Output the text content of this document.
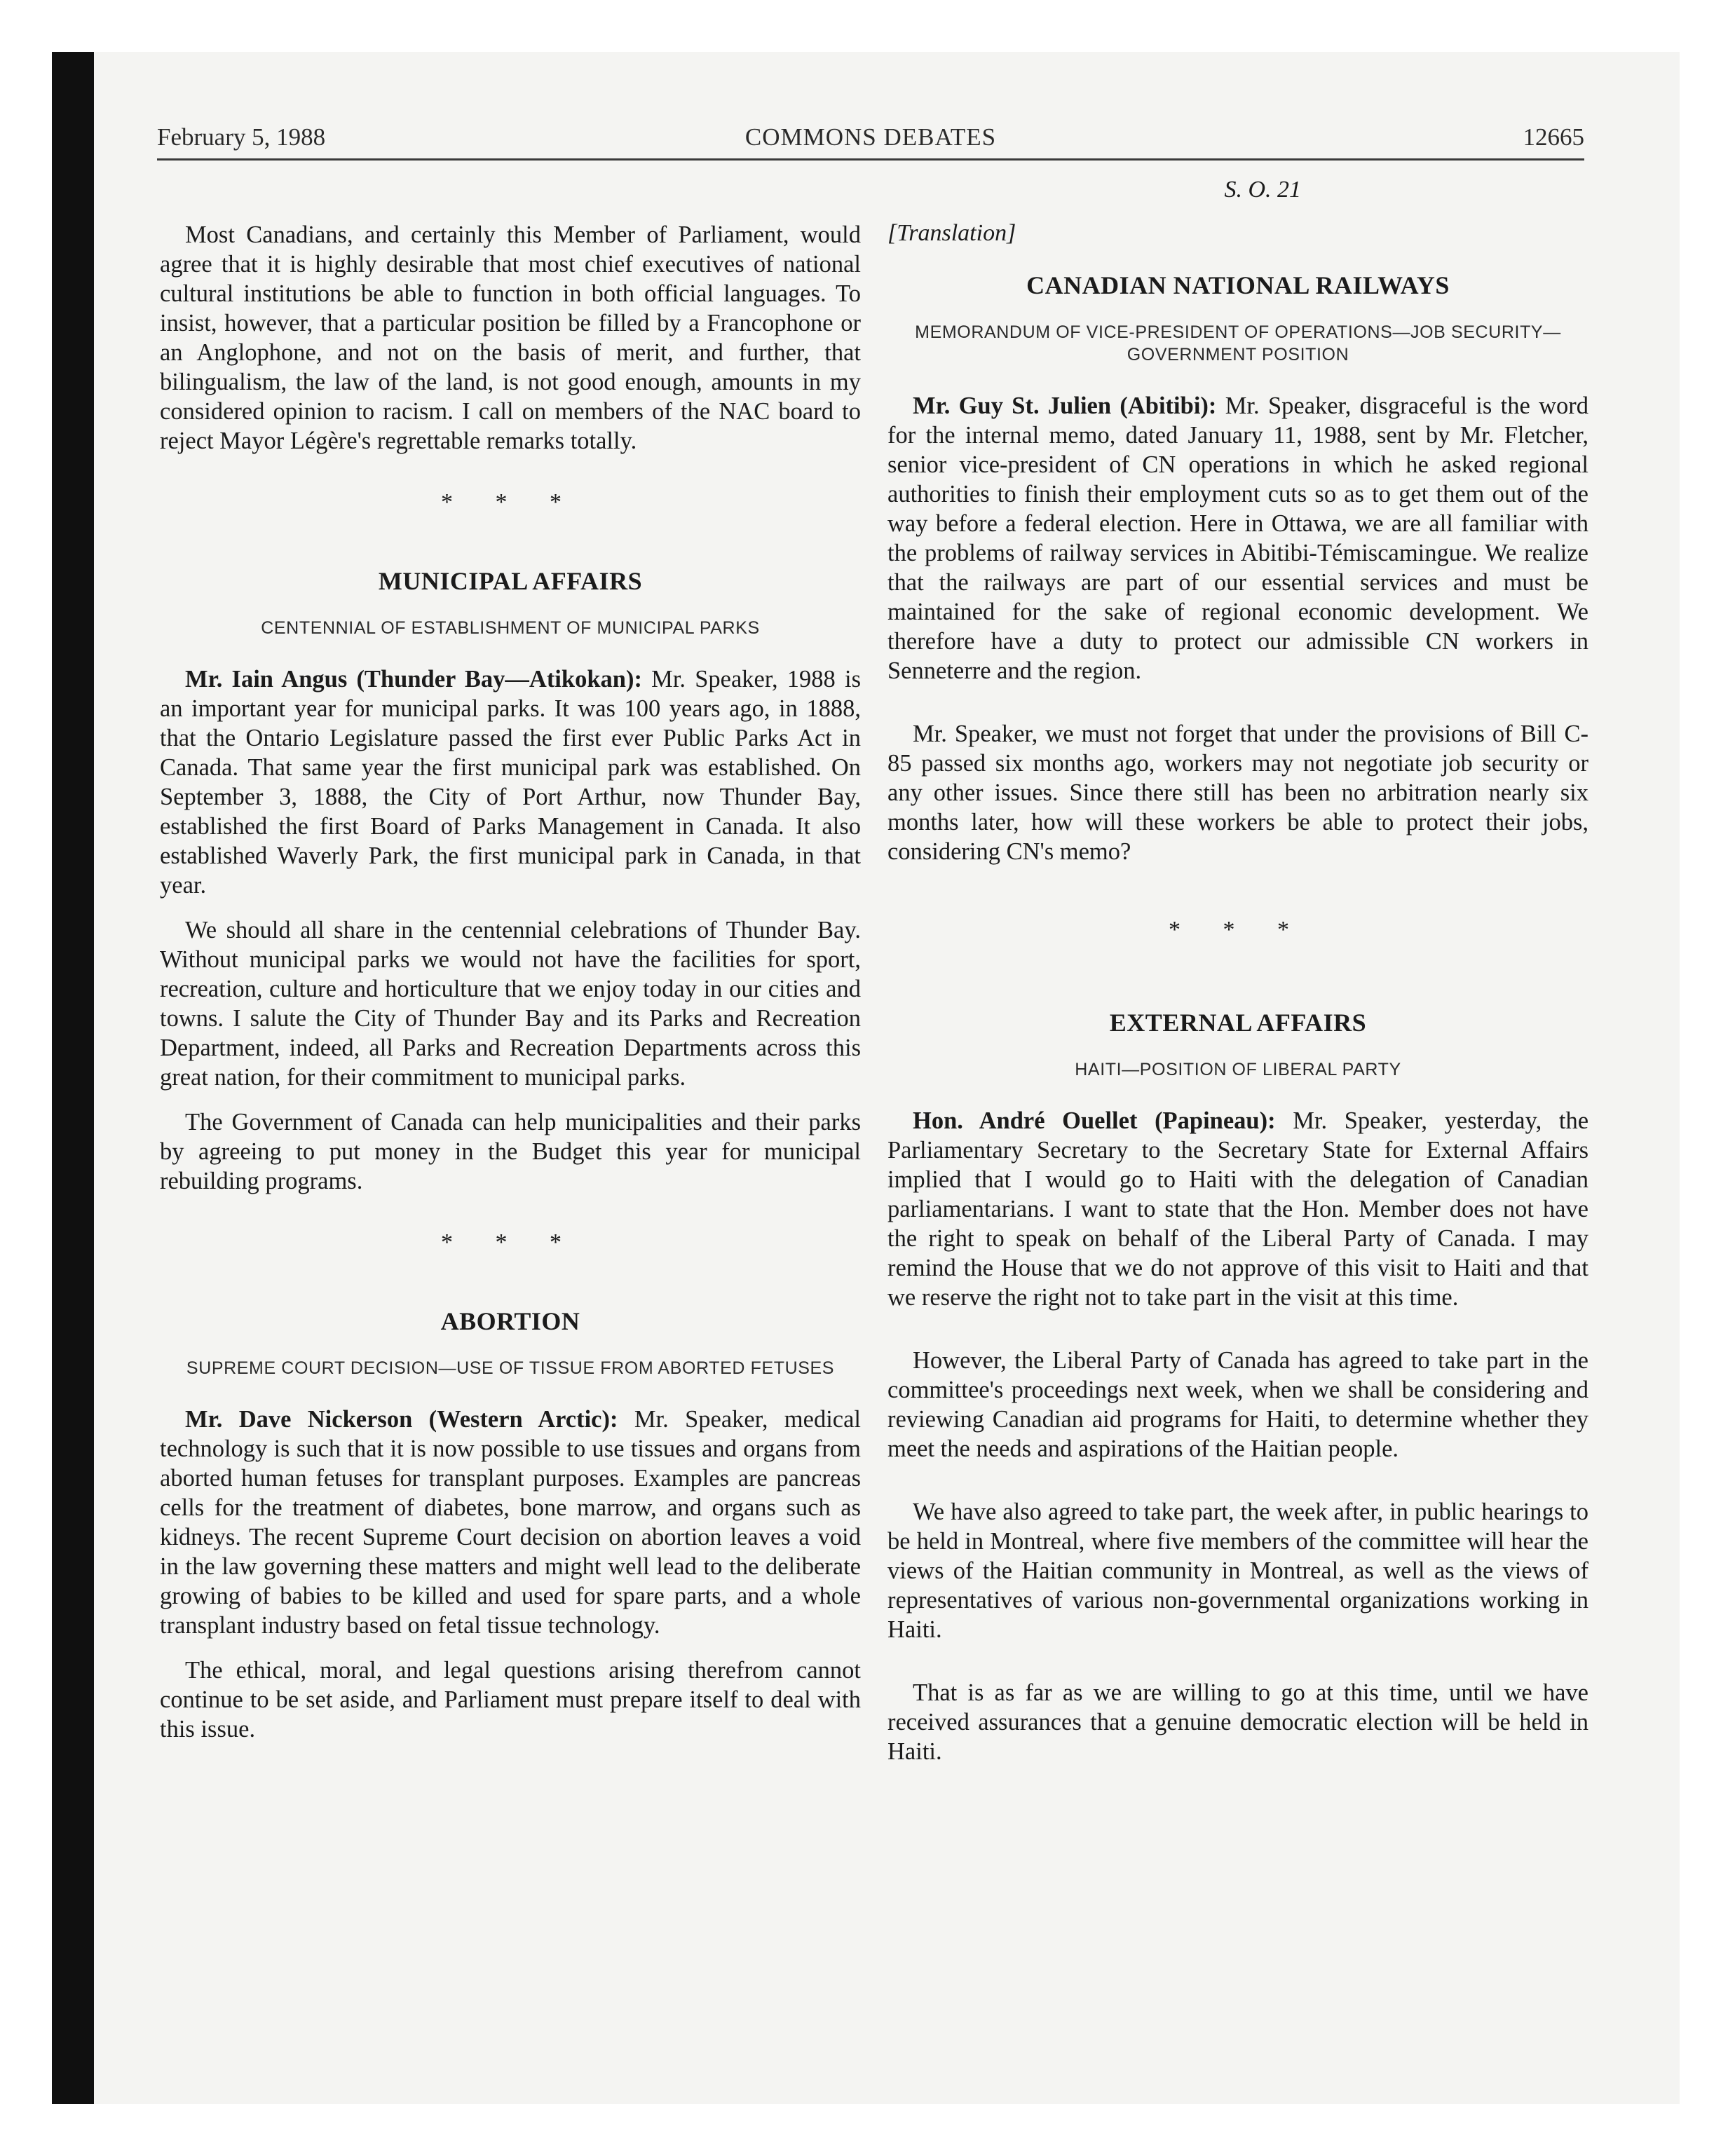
February 5, 1988	COMMONS DEBATES	12665

Most Canadians, and certainly this Member of Parliament, would agree that it is highly desirable that most chief executives of national cultural institutions be able to function in both official languages. To insist, however, that a particular position be filled by a Francophone or an Anglophone, and not on the basis of merit, and further, that bilingualism, the law of the land, is not good enough, amounts in my considered opinion to racism. I call on members of the NAC board to reject Mayor Légère's regrettable remarks totally.

* * *
MUNICIPAL AFFAIRS
CENTENNIAL OF ESTABLISHMENT OF MUNICIPAL PARKS

Mr. Iain Angus (Thunder Bay—Atikokan): Mr. Speaker, 1988 is an important year for municipal parks. It was 100 years ago, in 1888, that the Ontario Legislature passed the first ever Public Parks Act in Canada. That same year the first municipal park was established. On September 3, 1888, the City of Port Arthur, now Thunder Bay, established the first Board of Parks Management in Canada. It also established Waverly Park, the first municipal park in Canada, in that year.

We should all share in the centennial celebrations of Thunder Bay. Without municipal parks we would not have the facilities for sport, recreation, culture and horticulture that we enjoy today in our cities and towns. I salute the City of Thunder Bay and its Parks and Recreation Department, indeed, all Parks and Recreation Departments across this great nation, for their commitment to municipal parks.

The Government of Canada can help municipalities and their parks by agreeing to put money in the Budget this year for municipal rebuilding programs.

* * *
ABORTION
SUPREME COURT DECISION—USE OF TISSUE FROM ABORTED FETUSES

Mr. Dave Nickerson (Western Arctic): Mr. Speaker, medical technology is such that it is now possible to use tissues and organs from aborted human fetuses for transplant purposes. Examples are pancreas cells for the treatment of diabetes, bone marrow, and organs such as kidneys. The recent Supreme Court decision on abortion leaves a void in the law governing these matters and might well lead to the deliberate growing of babies to be killed and used for spare parts, and a whole transplant industry based on fetal tissue technology.

The ethical, moral, and legal questions arising therefrom cannot continue to be set aside, and Parliament must prepare itself to deal with this issue.

S. O. 21

[Translation]

CANADIAN NATIONAL RAILWAYS
MEMORANDUM OF VICE-PRESIDENT OF OPERATIONS—JOB SECURITY—GOVERNMENT POSITION

Mr. Guy St. Julien (Abitibi): Mr. Speaker, disgraceful is the word for the internal memo, dated January 11, 1988, sent by Mr. Fletcher, senior vice-president of CN operations in which he asked regional authorities to finish their employment cuts so as to get them out of the way before a federal election. Here in Ottawa, we are all familiar with the problems of railway services in Abitibi-Témiscamingue. We realize that the railways are part of our essential services and must be maintained for the sake of regional economic development. We therefore have a duty to protect our admissible CN workers in Senneterre and the region.

Mr. Speaker, we must not forget that under the provisions of Bill C-85 passed six months ago, workers may not negotiate job security or any other issues. Since there still has been no arbitration nearly six months later, how will these workers be able to protect their jobs, considering CN's memo?

* * *
EXTERNAL AFFAIRS
HAITI—POSITION OF LIBERAL PARTY

Hon. André Ouellet (Papineau): Mr. Speaker, yesterday, the Parliamentary Secretary to the Secretary State for External Affairs implied that I would go to Haiti with the delegation of Canadian parliamentarians. I want to state that the Hon. Member does not have the right to speak on behalf of the Liberal Party of Canada. I may remind the House that we do not approve of this visit to Haiti and that we reserve the right not to take part in the visit at this time.

However, the Liberal Party of Canada has agreed to take part in the committee's proceedings next week, when we shall be considering and reviewing Canadian aid programs for Haiti, to determine whether they meet the needs and aspirations of the Haitian people.

We have also agreed to take part, the week after, in public hearings to be held in Montreal, where five members of the committee will hear the views of the Haitian community in Montreal, as well as the views of representatives of various non-governmental organizations working in Haiti.

That is as far as we are willing to go at this time, until we have received assurances that a genuine democratic election will be held in Haiti.
